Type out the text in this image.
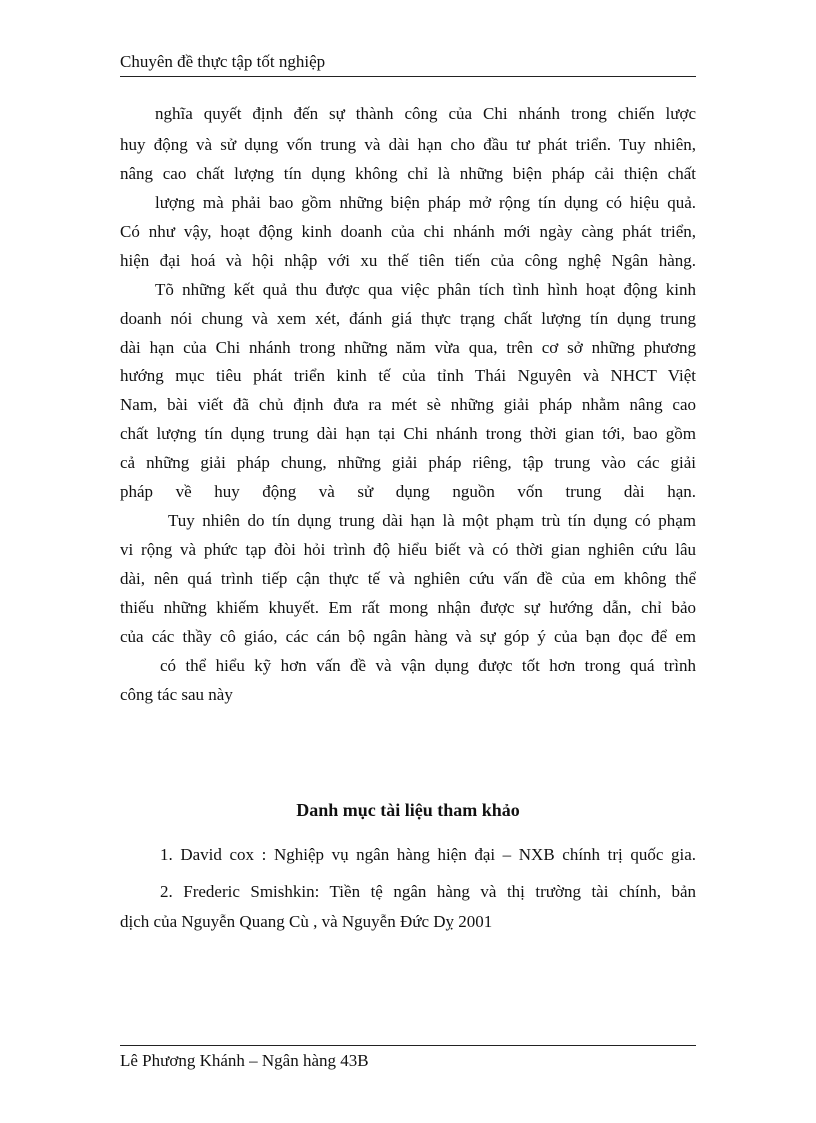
Chuyên đề thực tập tốt nghiệp
nghĩa quyết định đến sự thành công của Chi nhánh trong chiến lược
huy động và sử dụng vốn trung và dài hạn cho đầu tư phát triển. Tuy nhiên,
nâng cao chất lượng tín dụng không chỉ là những biện pháp cải thiện chất
lượng mà phải bao gồm những biện pháp mở rộng tín dụng có hiệu quả.
Có như vậy, hoạt động kinh doanh của chi nhánh mới ngày càng phát triển,
hiện đại hoá và hội nhập với xu thế tiên tiến của công nghệ Ngân hàng.
Tõ những kết quả thu được qua việc phân tích tình hình hoạt động kinh
doanh nói chung và xem xét, đánh giá thực trạng chất lượng tín dụng trung
dài hạn của Chi nhánh trong những năm vừa qua, trên cơ sở những phương
hướng mục tiêu phát triển kinh tế của tỉnh Thái Nguyên và NHCT Việt
Nam, bài viết đã chủ định đưa ra mét sè những giải pháp nhằm nâng cao
chất lượng tín dụng trung dài hạn tại Chi nhánh trong thời gian tới, bao gồm
cả những giải pháp chung, những giải pháp riêng, tập trung vào các giải
pháp về huy động và sử dụng nguồn vốn trung dài hạn.
Tuy nhiên do tín dụng trung dài hạn là một phạm trù tín dụng có phạm
vi rộng và phức tạp đòi hỏi trình độ hiểu biết và có thời gian nghiên cứu lâu
dài, nên quá trình tiếp cận thực tế và nghiên cứu vấn đề của em không thể
thiếu những khiếm khuyết. Em rất mong nhận được sự hướng dẫn, chỉ bảo
của các thầy cô giáo, các cán bộ ngân hàng và sự góp ý của bạn đọc để em
có thể hiểu kỹ hơn vấn đề và vận dụng được tốt hơn trong quá trình
công tác sau này
Danh mục tài liệu tham khảo
1. David cox : Nghiệp vụ ngân hàng hiện đại – NXB chính trị quốc gia.
2. Frederic Smishkin: Tiền tệ ngân hàng và thị trường tài chính, bản
dịch của Nguyễn Quang Cù , và Nguyễn Đức Dỵ 2001
Lê Phương Khánh – Ngân hàng 43B
